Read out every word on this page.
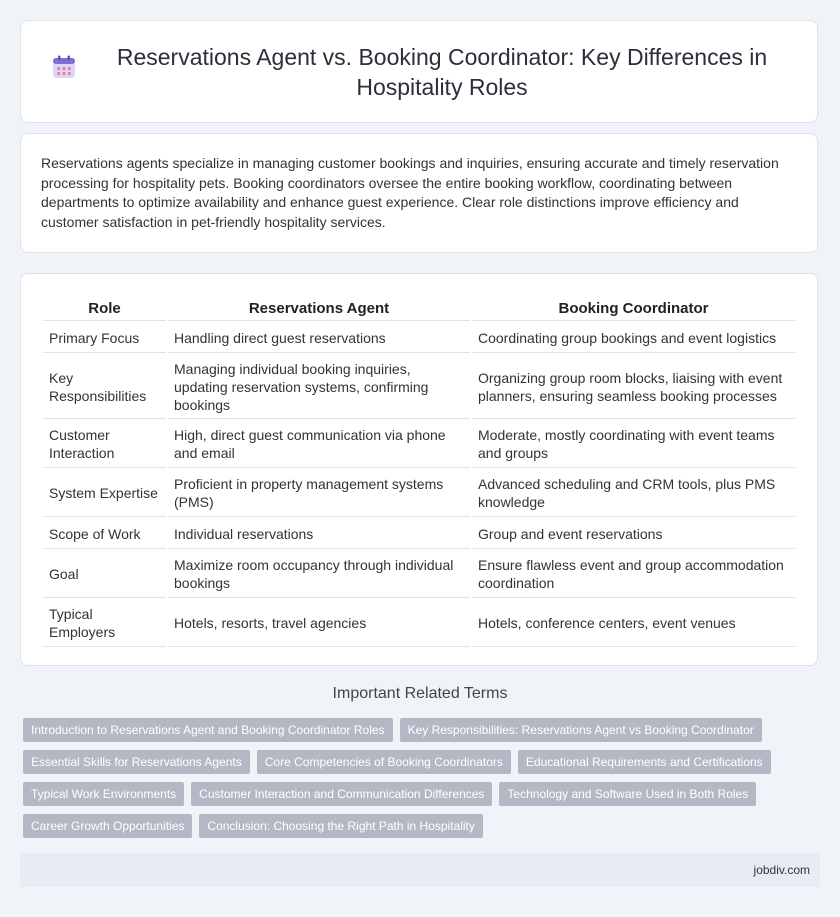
Reservations Agent vs. Booking Coordinator: Key Differences in Hospitality Roles

Reservations agents specialize in managing customer bookings and inquiries, ensuring accurate and timely reservation processing for hospitality pets. Booking coordinators oversee the entire booking workflow, coordinating between departments to optimize availability and enhance guest experience. Clear role distinctions improve efficiency and customer satisfaction in pet-friendly hospitality services.

Role	Reservations Agent	Booking Coordinator
Primary Focus	Handling direct guest reservations	Coordinating group bookings and event logistics
Key Responsibilities	Managing individual booking inquiries, updating reservation systems, confirming bookings	Organizing group room blocks, liaising with event planners, ensuring seamless booking processes
Customer Interaction	High, direct guest communication via phone and email	Moderate, mostly coordinating with event teams and groups
System Expertise	Proficient in property management systems (PMS)	Advanced scheduling and CRM tools, plus PMS knowledge
Scope of Work	Individual reservations	Group and event reservations
Goal	Maximize room occupancy through individual bookings	Ensure flawless event and group accommodation coordination
Typical Employers	Hotels, resorts, travel agencies	Hotels, conference centers, event venues
Important Related Terms
Introduction to Reservations Agent and Booking Coordinator Roles	Key Responsibilities: Reservations Agent vs Booking Coordinator
Essential Skills for Reservations Agents	Core Competencies of Booking Coordinators	Educational Requirements and Certifications
Typical Work Environments	Customer Interaction and Communication Differences	Technology and Software Used in Both Roles
Career Growth Opportunities	Conclusion: Choosing the Right Path in Hospitality
jobdiv.com
